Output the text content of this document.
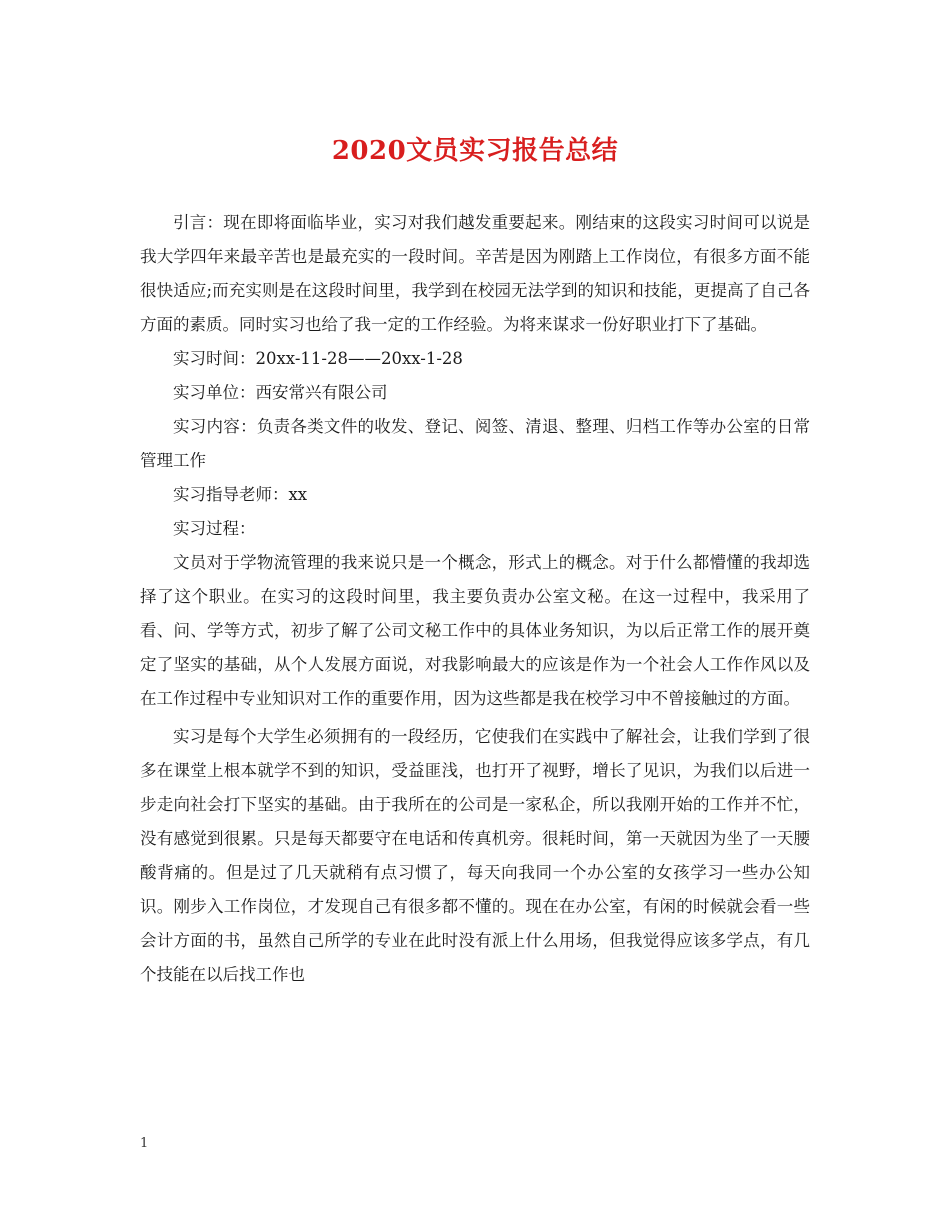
2020文员实习报告总结

引言：现在即将面临毕业，实习对我们越发重要起来。刚结束的这段实习时间可以说是我大学四年来最辛苦也是最充实的一段时间。辛苦是因为刚踏上工作岗位，有很多方面不能很快适应;而充实则是在这段时间里，我学到在校园无法学到的知识和技能，更提高了自己各方面的素质。同时实习也给了我一定的工作经验。为将来谋求一份好职业打下了基础。

实习时间：20xx-11-28——20xx-1-28

实习单位：西安常兴有限公司

实习内容：负责各类文件的收发、登记、阅签、清退、整理、归档工作等办公室的日常管理工作

实习指导老师：xx

实习过程：

文员对于学物流管理的我来说只是一个概念，形式上的概念。对于什么都懵懂的我却选择了这个职业。在实习的这段时间里，我主要负责办公室文秘。在这一过程中，我采用了看、问、学等方式，初步了解了公司文秘工作中的具体业务知识，为以后正常工作的展开奠定了坚实的基础，从个人发展方面说，对我影响最大的应该是作为一个社会人工作作风以及在工作过程中专业知识对工作的重要作用，因为这些都是我在校学习中不曾接触过的方面。

实习是每个大学生必须拥有的一段经历，它使我们在实践中了解社会，让我们学到了很多在课堂上根本就学不到的知识，受益匪浅，也打开了视野，增长了见识，为我们以后进一步走向社会打下坚实的基础。由于我所在的公司是一家私企，所以我刚开始的工作并不忙，没有感觉到很累。只是每天都要守在电话和传真机旁。很耗时间，第一天就因为坐了一天腰酸背痛的。但是过了几天就稍有点习惯了，每天向我同一个办公室的女孩学习一些办公知识。刚步入工作岗位，才发现自己有很多都不懂的。现在在办公室，有闲的时候就会看一些会计方面的书，虽然自己所学的专业在此时没有派上什么用场，但我觉得应该多学点，有几个技能在以后找工作也

1
